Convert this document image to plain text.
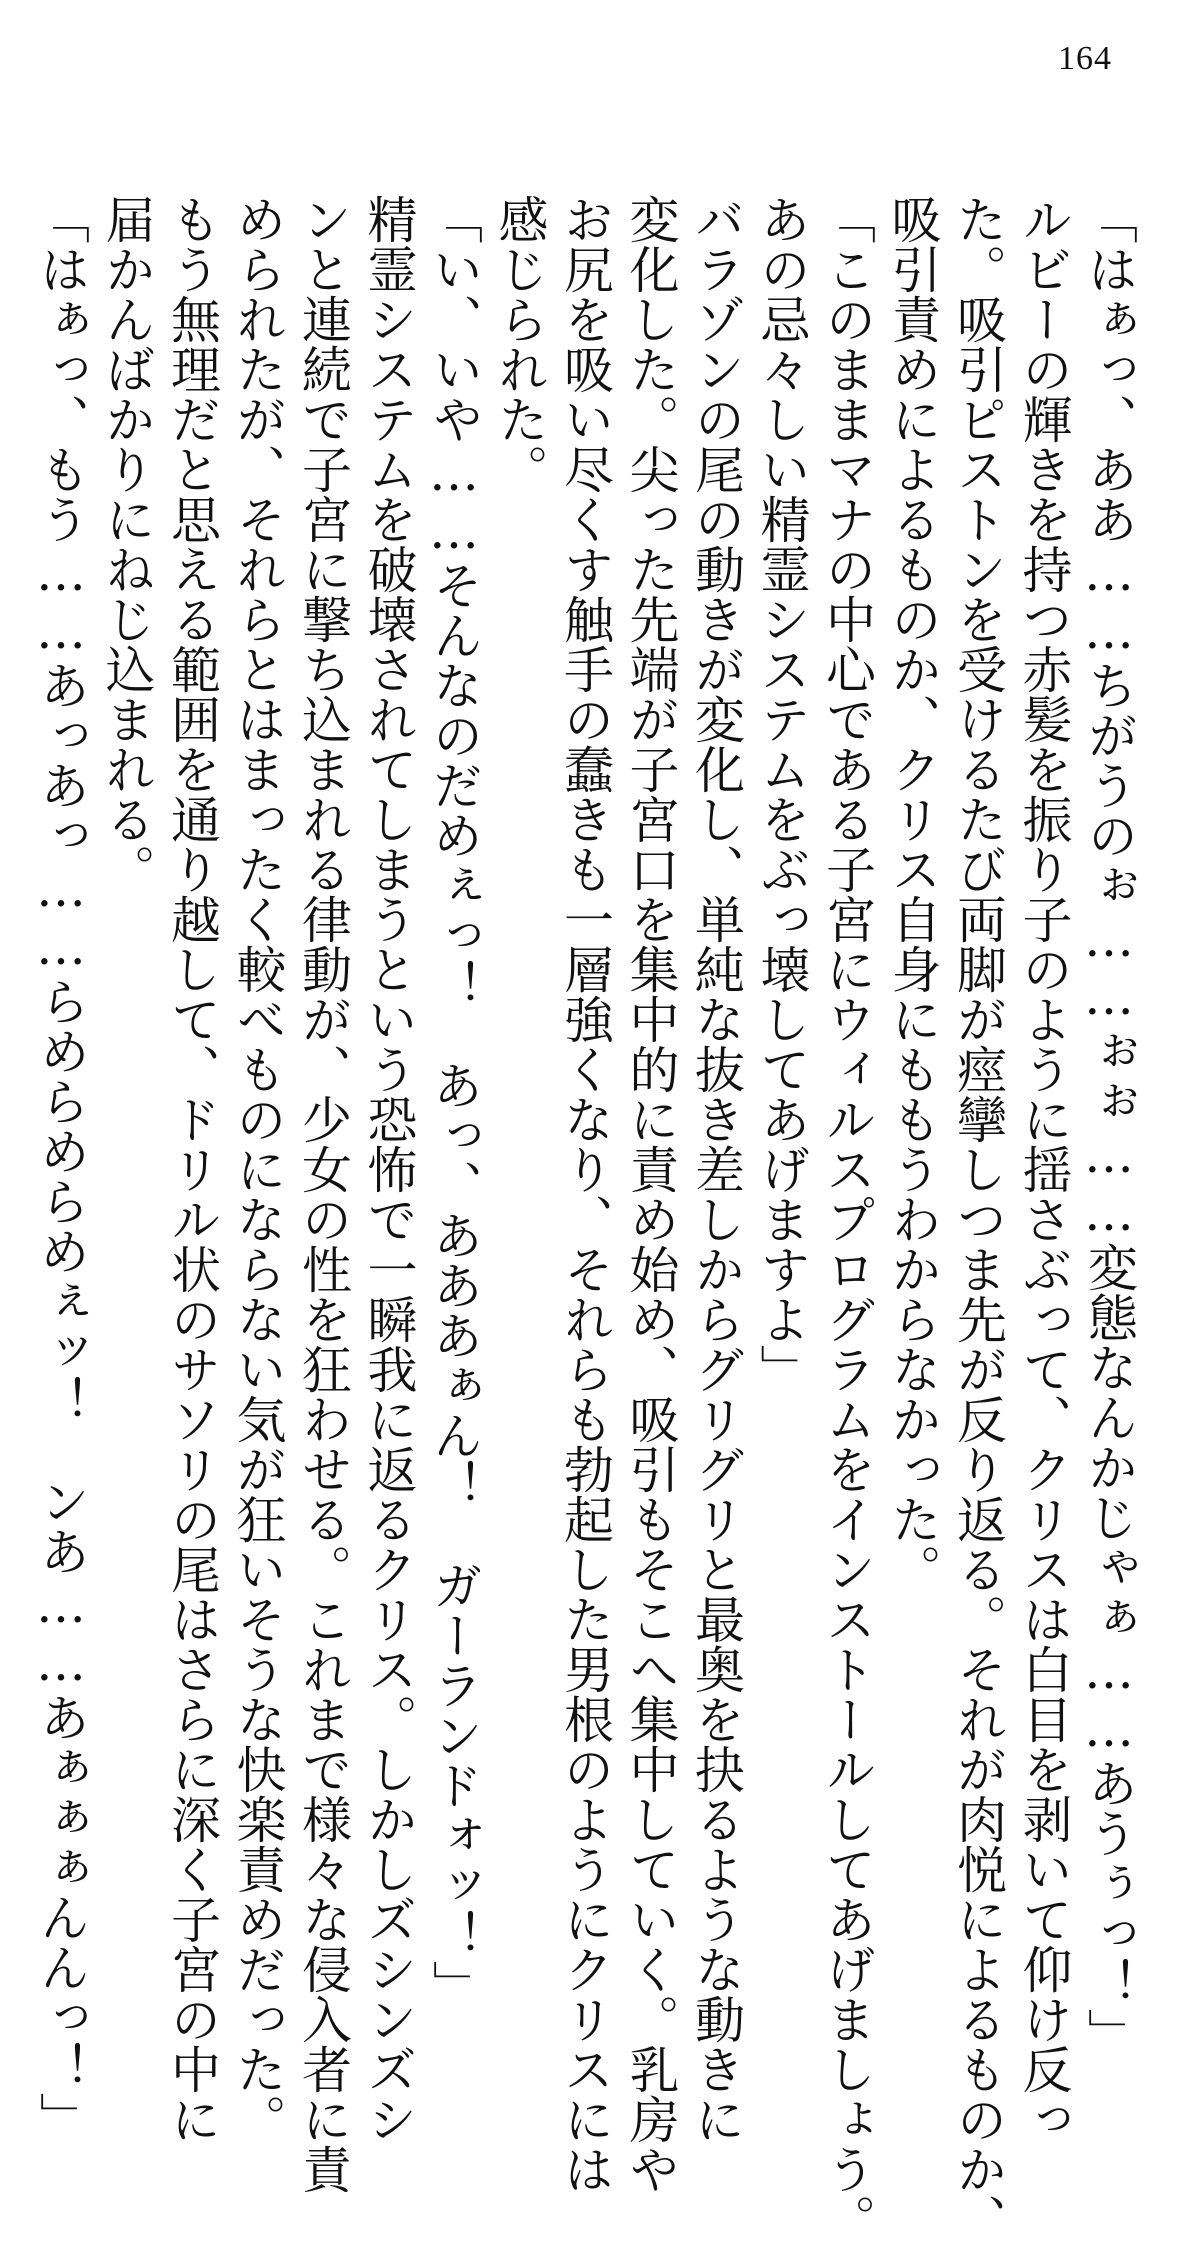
164
「はぁっ、ああ……ちがうのぉ……ぉぉ……変態なんかじゃぁ……あうぅっ！」
ルビーの輝きを持つ赤髪を振り子のように揺さぶって、クリスは白目を剥いて仰け反っ
た。吸引ピストンを受けるたび両脚が痙攣しつま先が反り返る。それが肉悦によるものか、
吸引責めによるものか、クリス自身にももうわからなかった。
「このままマナの中心である子宮にウィルスプログラムをインストールしてあげましょう。
あの忌々しい精霊システムをぶっ壊してあげますよ」
バラゾンの尾の動きが変化し、単純な抜き差しからグリグリと最奥を抉るような動きに
変化した。尖った先端が子宮口を集中的に責め始め、吸引もそこへ集中していく。乳房や
お尻を吸い尽くす触手の蠢きも一層強くなり、それらも勃起した男根のようにクリスには
感じられた。
「い、いや……そんなのだめぇっ！　あっ、あああぁん！　ガーランドォッ！」
精霊システムを破壊されてしまうという恐怖で一瞬我に返るクリス。しかしズシンズシ
ンと連続で子宮に撃ち込まれる律動が、少女の性を狂わせる。これまで様々な侵入者に責
められたが、それらとはまったく較べものにならない気が狂いそうな快楽責めだった。
もう無理だと思える範囲を通り越して、ドリル状のサソリの尾はさらに深く子宮の中に
届かんばかりにねじ込まれる。
「はぁっ、もう……あっあっ……らめらめらめぇッ！　ンあ……あぁぁぁんんっ！」
